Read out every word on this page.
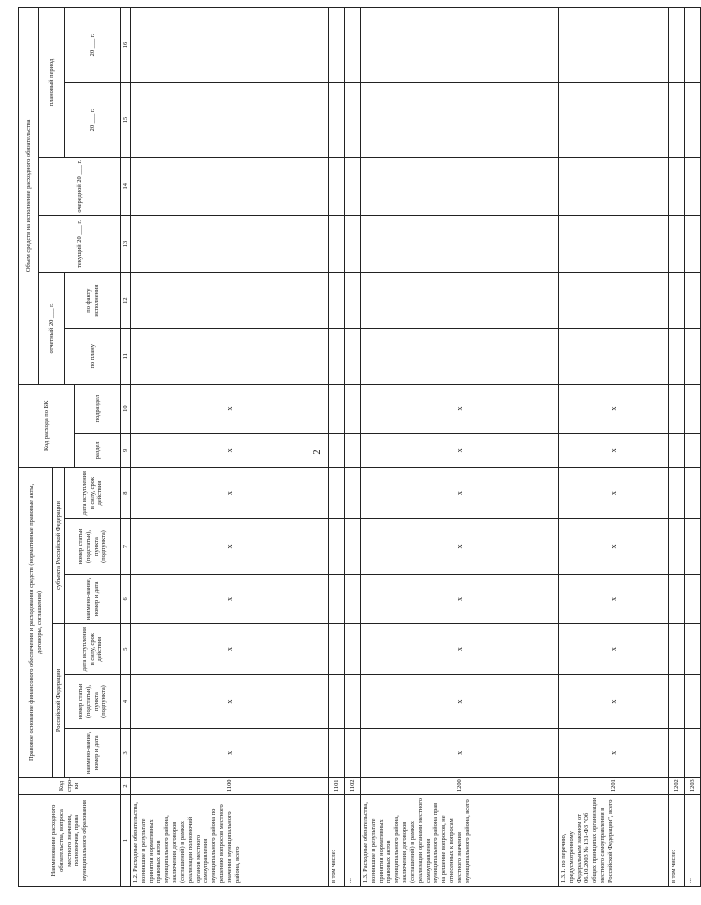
2
Наименование расходного обязательства, вопроса местного значения, полномочия, права муниципального образования	Код стро-ки	Правовое основание финансового обеспечения и расходования средств (нормативные правовые акты, договоры, соглашения)						Код расхода по БК		Объем средств на исполнение расходного обязательства					
										отчетный 20 ___ г.		текущий 20 ___ г.	очередной 20 ___ г.	плановый период	
		Российской Федерации			субъекта Российской Федерации										
		наимено-вание, номер и дата	номер статьи (подстатьи), пункта (подпункта)	дата вступления в силу, срок действия	наимено-вание, номер и дата	номер статьи (подстатьи), пункта (подпункта)	дата вступления в силу, срок действия			по плану	по факту исполнения			20 ___ г.	20 ___ г.
								раздел	подраздел						
1	2	3	4	5	6	7	8	9	10	11	12	13	14	15	16
1.2. Расходные обязательства, возникшие в результате принятия нормативных правовых актов муниципального района, заключения договоров (соглашений) в рамках реализации полномочий органов местного самоуправления муниципального района по решению вопросов местного значения муниципального района, всего	1100	x	x	x	x	x	x	x	x						
в том числе:	1101														
...	1102														
1.3. Расходные обязательства, возникшие в результате принятия нормативных правовых актов муниципального района, заключения договоров (соглашений) в рамках реализации органами местного самоуправления муниципального района прав на решение вопросов, не отнесенных к вопросам местного значения муниципального района, всего	1200	x	x	x	x	x	x	x	x						
1.3.1. по перечню, предусмотренному Федеральным законом от 06.10.2003 № 131-ФЗ "Об общих принципах организации местного самоуправления в Российской Федерации", всего	1201	x	x	x	x	x	x	x	x						
в том числе:	1202														
...	1203														
